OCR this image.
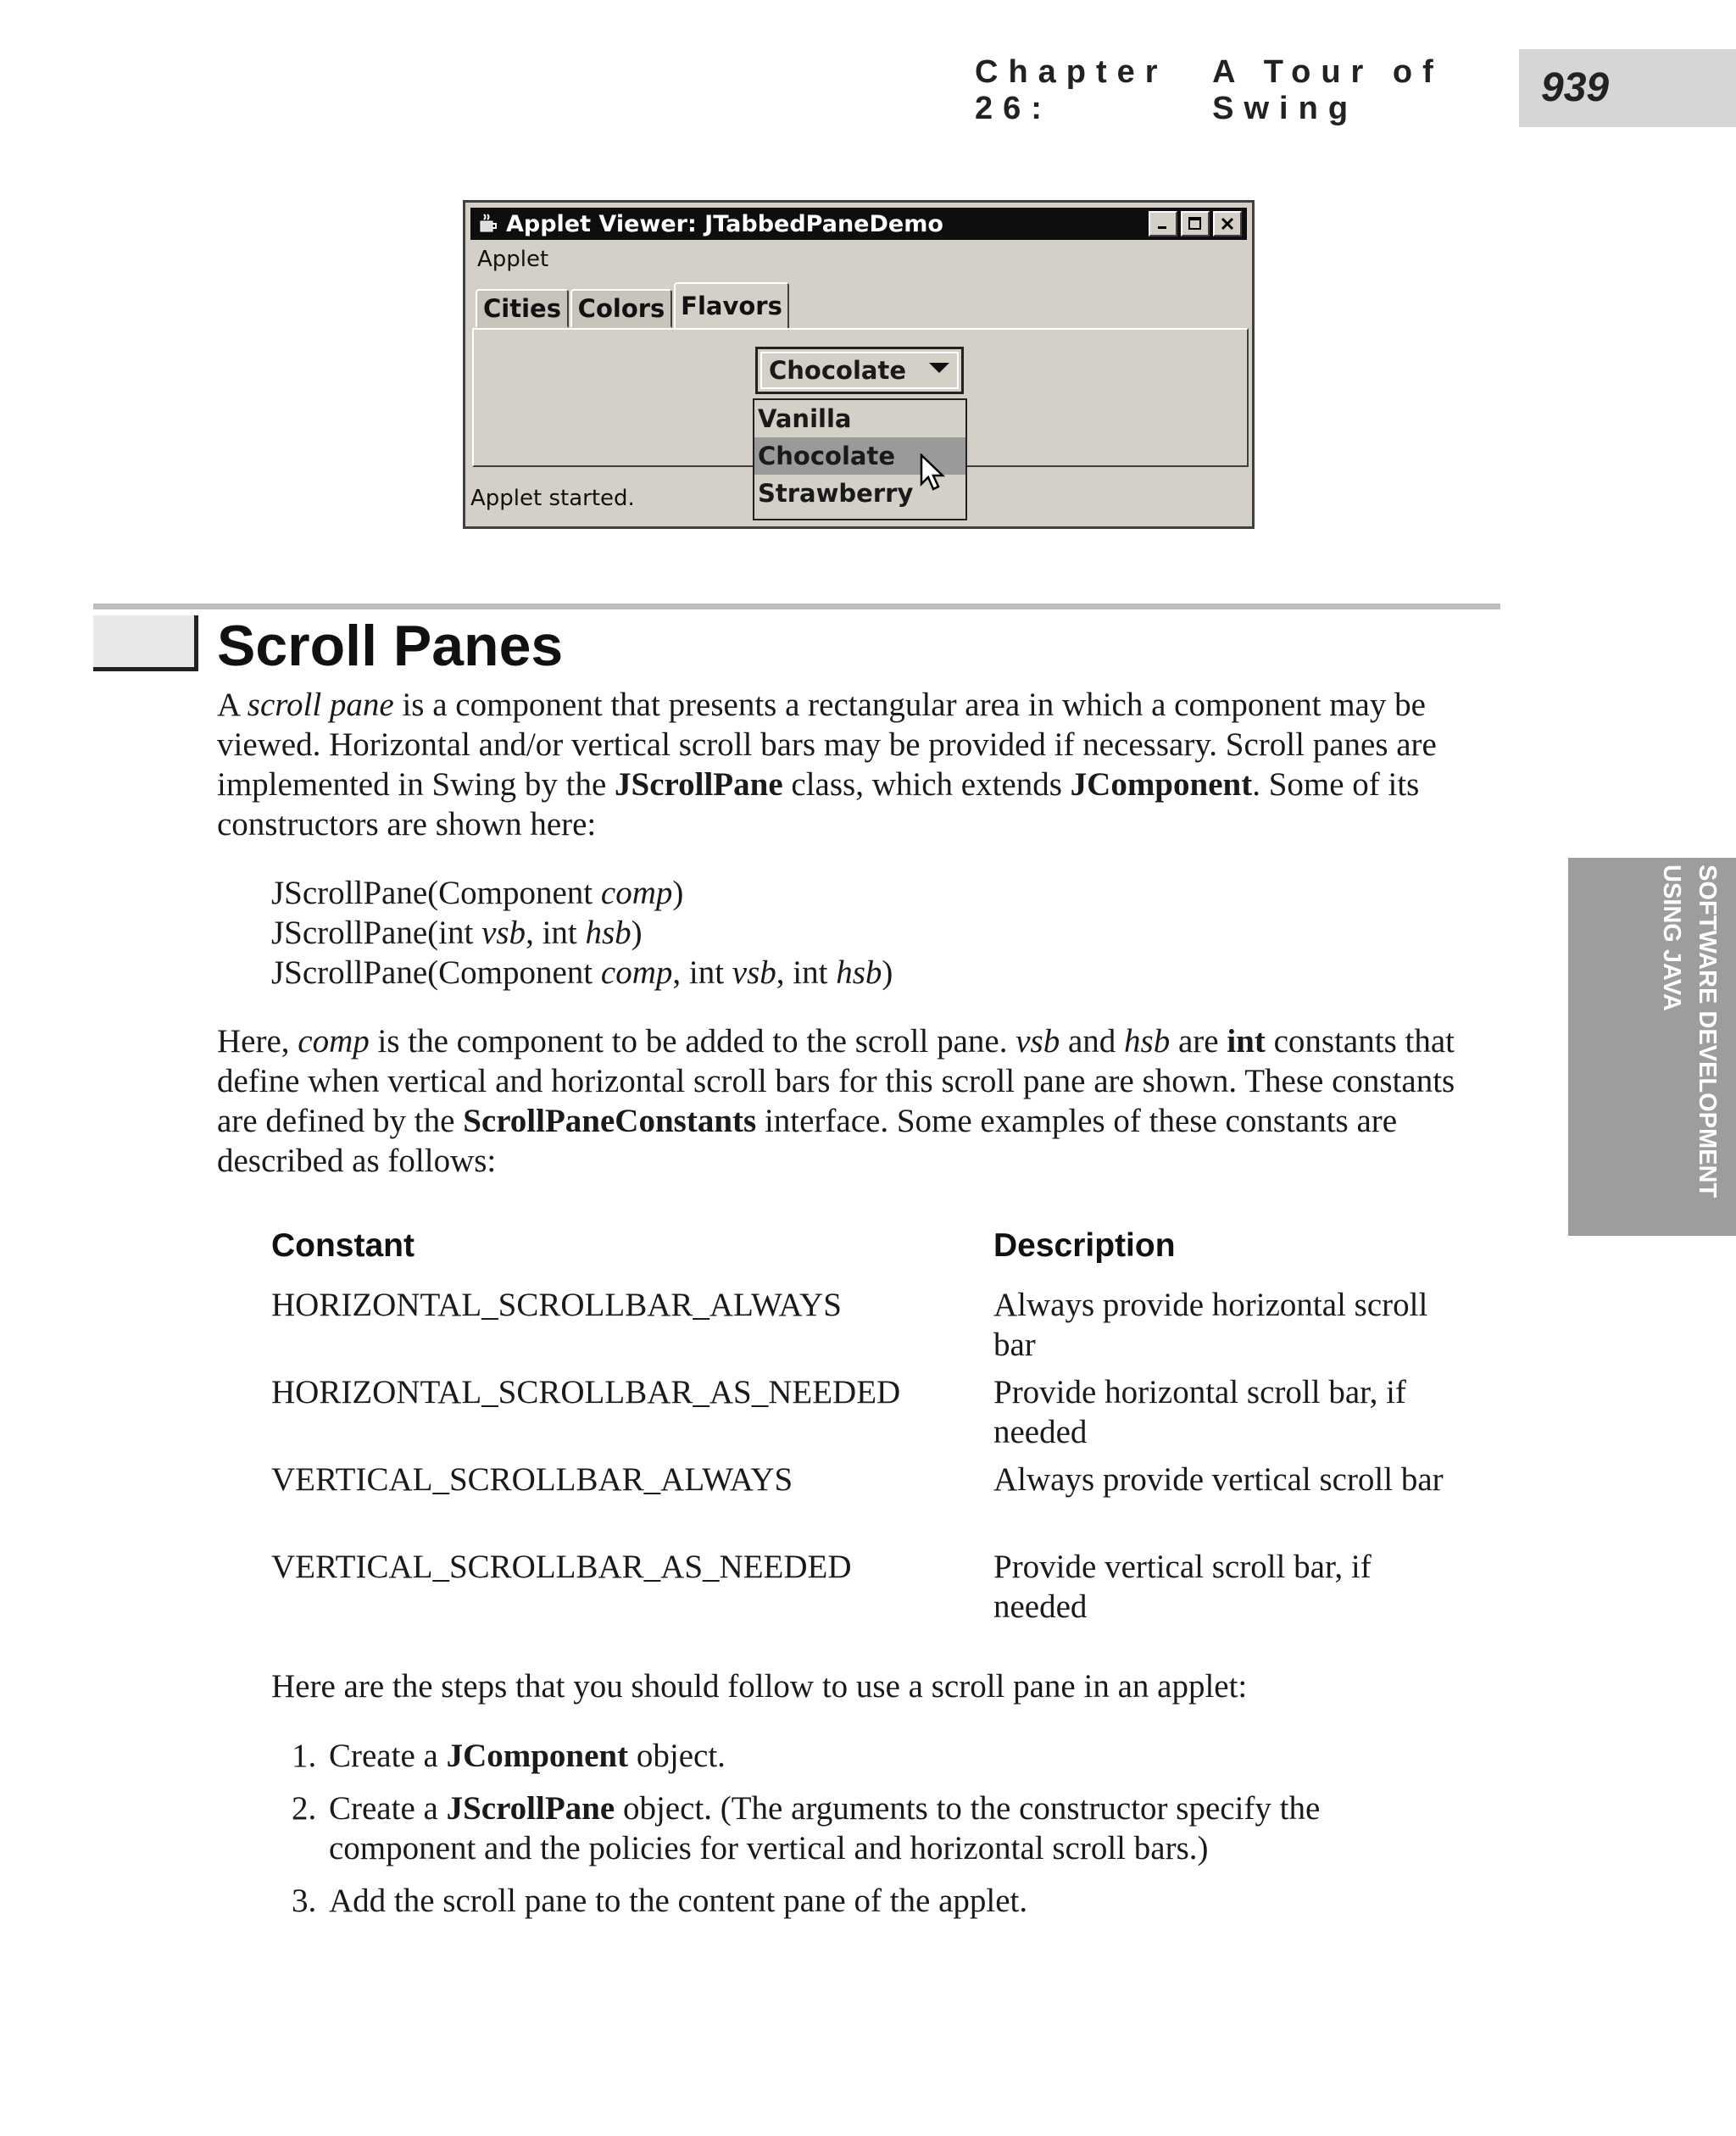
Chapter 26:
A Tour of Swing	939
Applet Viewer: JTabbedPaneDemo
Applet
Cities Colors Flavors
Chocolate
Vanilla
Chocolate
Strawberry
Applet started.
Scroll Panes

A scroll pane is a component that presents a rectangular area in which a component may be viewed. Horizontal and/or vertical scroll bars may be provided if necessary. Scroll panes are implemented in Swing by the JScrollPane class, which extends JComponent. Some of its constructors are shown here:

JScrollPane(Component comp)

JScrollPane(int vsb, int hsb)

JScrollPane(Component comp, int vsb, int hsb)

Here, comp is the component to be added to the scroll pane. vsb and hsb are int constants that define when vertical and horizontal scroll bars for this scroll pane are shown. These constants are defined by the ScrollPaneConstants interface. Some examples of these constants are described as follows:

Constant	Description
HORIZONTAL_SCROLLBAR_ALWAYS	Always provide horizontal scroll bar
HORIZONTAL_SCROLLBAR_AS_NEEDED	Provide horizontal scroll bar, if needed
VERTICAL_SCROLLBAR_ALWAYS	Always provide vertical scroll bar
VERTICAL_SCROLLBAR_AS_NEEDED	Provide vertical scroll bar, if needed

Here are the steps that you should follow to use a scroll pane in an applet:

1. Create a JComponent object.
2. Create a JScrollPane object. (The arguments to the constructor specify the component and the policies for vertical and horizontal scroll bars.)
3. Add the scroll pane to the content pane of the applet.
SOFTWARE DEVELOPMENT
USING JAVA
